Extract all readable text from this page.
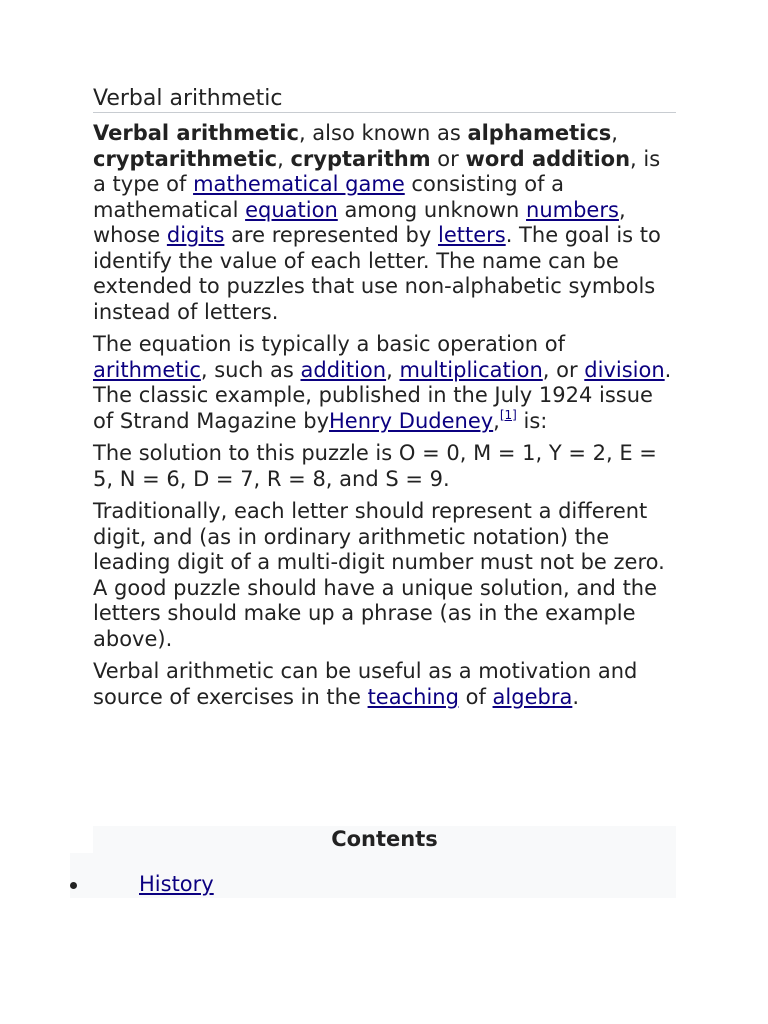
Verbal arithmetic

Verbal arithmetic, also known as alphametics, cryptarithmetic, cryptarithm or word addition, is a type of mathematical game consisting of a mathematical equation among unknown numbers, whose digits are represented by letters. The goal is to identify the value of each letter. The name can be extended to puzzles that use non-alphabetic symbols instead of letters.

The equation is typically a basic operation of arithmetic, such as addition, multiplication, or division. The classic example, published in the July 1924 issue of Strand Magazine byHenry Dudeney,[1] is:

The solution to this puzzle is O = 0, M = 1, Y = 2, E = 5, N = 6, D = 7, R = 8, and S = 9.

Traditionally, each letter should represent a different digit, and (as in ordinary arithmetic notation) the leading digit of a multi-digit number must not be zero. A good puzzle should have a unique solution, and the letters should make up a phrase (as in the example above).

Verbal arithmetic can be useful as a motivation and source of exercises in the teaching of algebra.

Contents
History
